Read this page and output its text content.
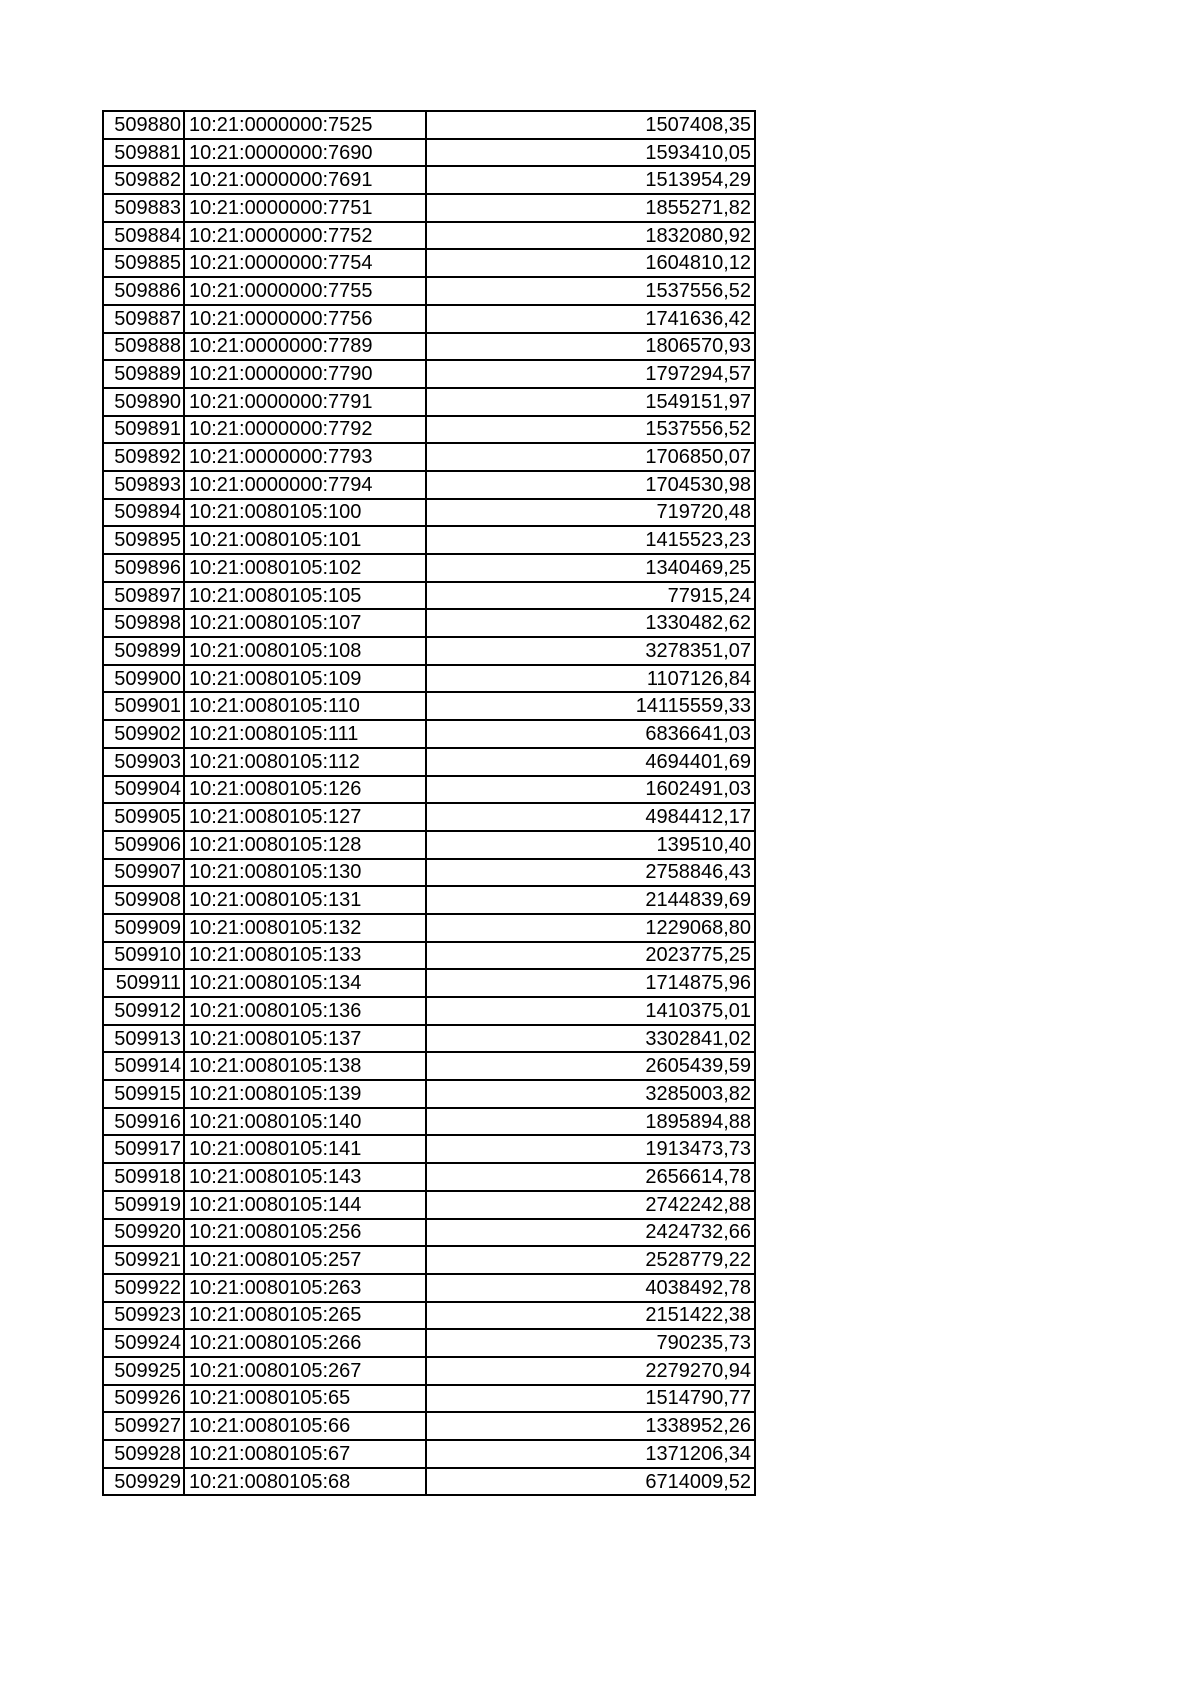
509880	10:21:0000000:7525	1507408,35
509881	10:21:0000000:7690	1593410,05
509882	10:21:0000000:7691	1513954,29
509883	10:21:0000000:7751	1855271,82
509884	10:21:0000000:7752	1832080,92
509885	10:21:0000000:7754	1604810,12
509886	10:21:0000000:7755	1537556,52
509887	10:21:0000000:7756	1741636,42
509888	10:21:0000000:7789	1806570,93
509889	10:21:0000000:7790	1797294,57
509890	10:21:0000000:7791	1549151,97
509891	10:21:0000000:7792	1537556,52
509892	10:21:0000000:7793	1706850,07
509893	10:21:0000000:7794	1704530,98
509894	10:21:0080105:100	719720,48
509895	10:21:0080105:101	1415523,23
509896	10:21:0080105:102	1340469,25
509897	10:21:0080105:105	77915,24
509898	10:21:0080105:107	1330482,62
509899	10:21:0080105:108	3278351,07
509900	10:21:0080105:109	1107126,84
509901	10:21:0080105:110	14115559,33
509902	10:21:0080105:111	6836641,03
509903	10:21:0080105:112	4694401,69
509904	10:21:0080105:126	1602491,03
509905	10:21:0080105:127	4984412,17
509906	10:21:0080105:128	139510,40
509907	10:21:0080105:130	2758846,43
509908	10:21:0080105:131	2144839,69
509909	10:21:0080105:132	1229068,80
509910	10:21:0080105:133	2023775,25
509911	10:21:0080105:134	1714875,96
509912	10:21:0080105:136	1410375,01
509913	10:21:0080105:137	3302841,02
509914	10:21:0080105:138	2605439,59
509915	10:21:0080105:139	3285003,82
509916	10:21:0080105:140	1895894,88
509917	10:21:0080105:141	1913473,73
509918	10:21:0080105:143	2656614,78
509919	10:21:0080105:144	2742242,88
509920	10:21:0080105:256	2424732,66
509921	10:21:0080105:257	2528779,22
509922	10:21:0080105:263	4038492,78
509923	10:21:0080105:265	2151422,38
509924	10:21:0080105:266	790235,73
509925	10:21:0080105:267	2279270,94
509926	10:21:0080105:65	1514790,77
509927	10:21:0080105:66	1338952,26
509928	10:21:0080105:67	1371206,34
509929	10:21:0080105:68	6714009,52
